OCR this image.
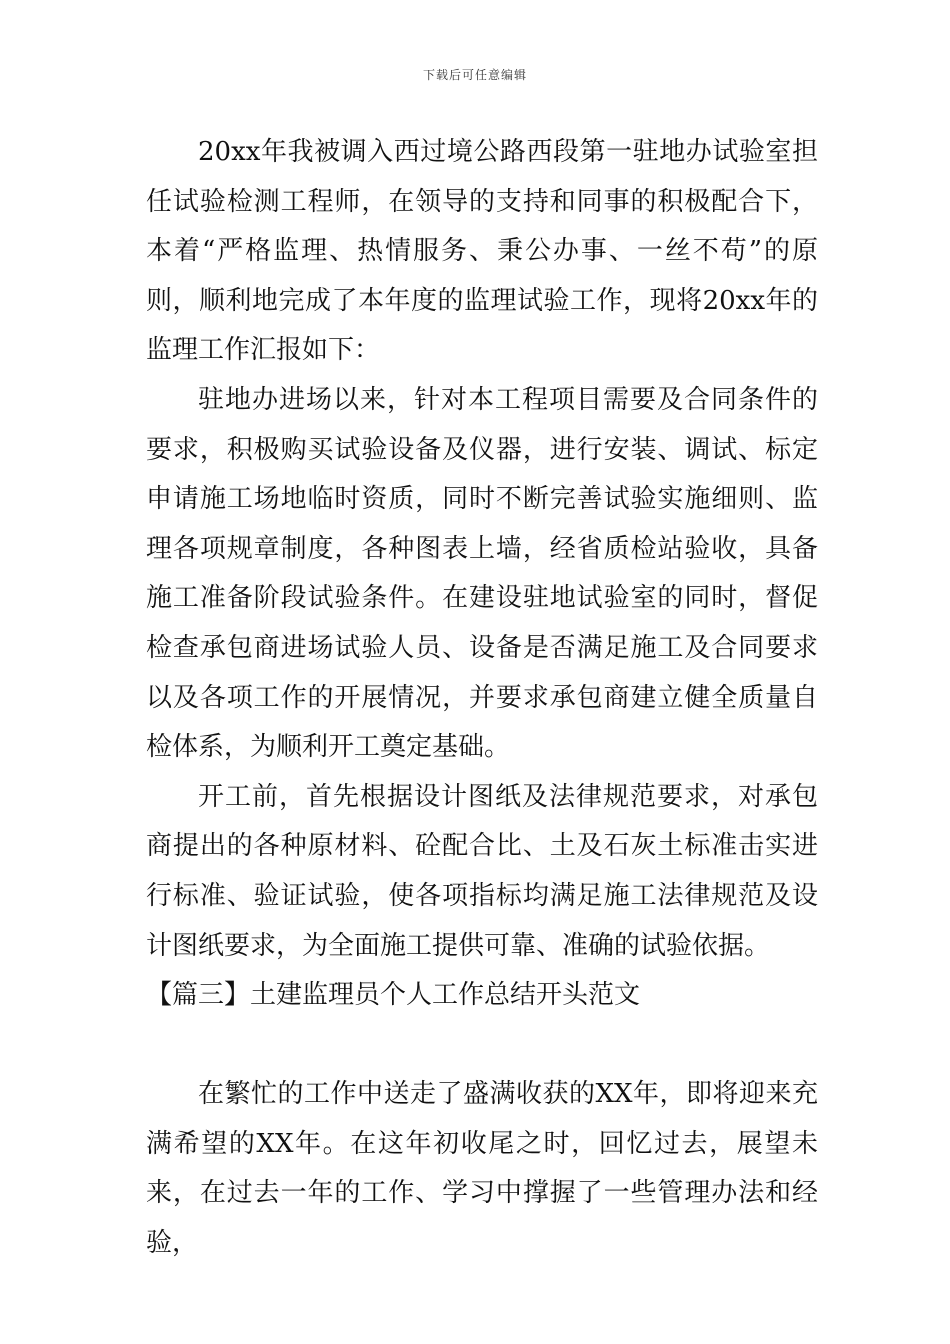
下载后可任意编辑

20xx年我被调入西过境公路西段第一驻地办试验室担任试验检测工程师，在领导的支持和同事的积极配合下，本着“严格监理、热情服务、秉公办事、一丝不苟”的原则，顺利地完成了本年度的监理试验工作，现将20xx年的监理工作汇报如下：

驻地办进场以来，针对本工程项目需要及合同条件的要求，积极购买试验设备及仪器，进行安装、调试、标定申请施工场地临时资质，同时不断完善试验实施细则、监理各项规章制度，各种图表上墙，经省质检站验收，具备施工准备阶段试验条件。在建设驻地试验室的同时，督促检查承包商进场试验人员、设备是否满足施工及合同要求以及各项工作的开展情况，并要求承包商建立健全质量自检体系，为顺利开工奠定基础。

开工前，首先根据设计图纸及法律规范要求，对承包商提出的各种原材料、砼配合比、土及石灰土标准击实进行标准、验证试验，使各项指标均满足施工法律规范及设计图纸要求，为全面施工提供可靠、准确的试验依据。

【篇三】土建监理员个人工作总结开头范文

在繁忙的工作中送走了盛满收获的XX年，即将迎来充满希望的XX年。在这年初收尾之时，回忆过去，展望未来，在过去一年的工作、学习中撑握了一些管理办法和经验，
